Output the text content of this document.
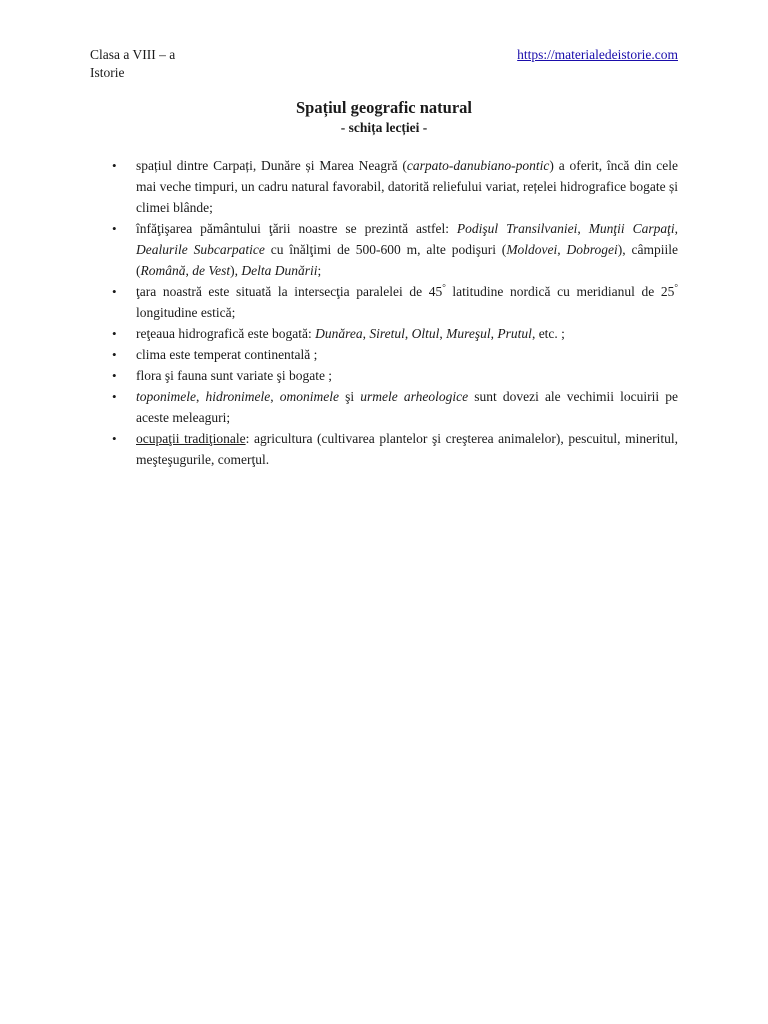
Clasa a VIII – a
Istorie
https://materialedeistorie.com
Spațiul geografic natural
- schița lecției -
•	spațiul dintre Carpați, Dunăre și Marea Neagră (carpato-danubiano-pontic) a oferit, încă din cele mai veche timpuri, un cadru natural favorabil, datorită reliefului variat, rețelei hidrografice bogate și climei blânde;
•	înfăţişarea pământului ţării noastre se prezintă astfel: Podişul Transilvaniei, Munţii Carpaţi, Dealurile Subcarpatice cu înălţimi de 500-600 m, alte podişuri (Moldovei, Dobrogei), câmpiile (Română, de Vest), Delta Dunării;
•	ţara noastră este situată la intersecţia paralelei de 45° latitudine nordică cu meridianul de 25° longitudine estică;
•	reţeaua hidrografică este bogată: Dunărea, Siretul, Oltul, Mureşul, Prutul, etc. ;
•	clima este temperat continentală ;
•	flora şi fauna sunt variate şi bogate ;
•	toponimele, hidronimele, omonimele şi urmele arheologice sunt dovezi ale vechimii locuirii pe aceste meleaguri;
•	ocupaţii tradiţionale: agricultura (cultivarea plantelor şi creşterea animalelor), pescuitul, mineritul, meşteşugurile, comerţul.
